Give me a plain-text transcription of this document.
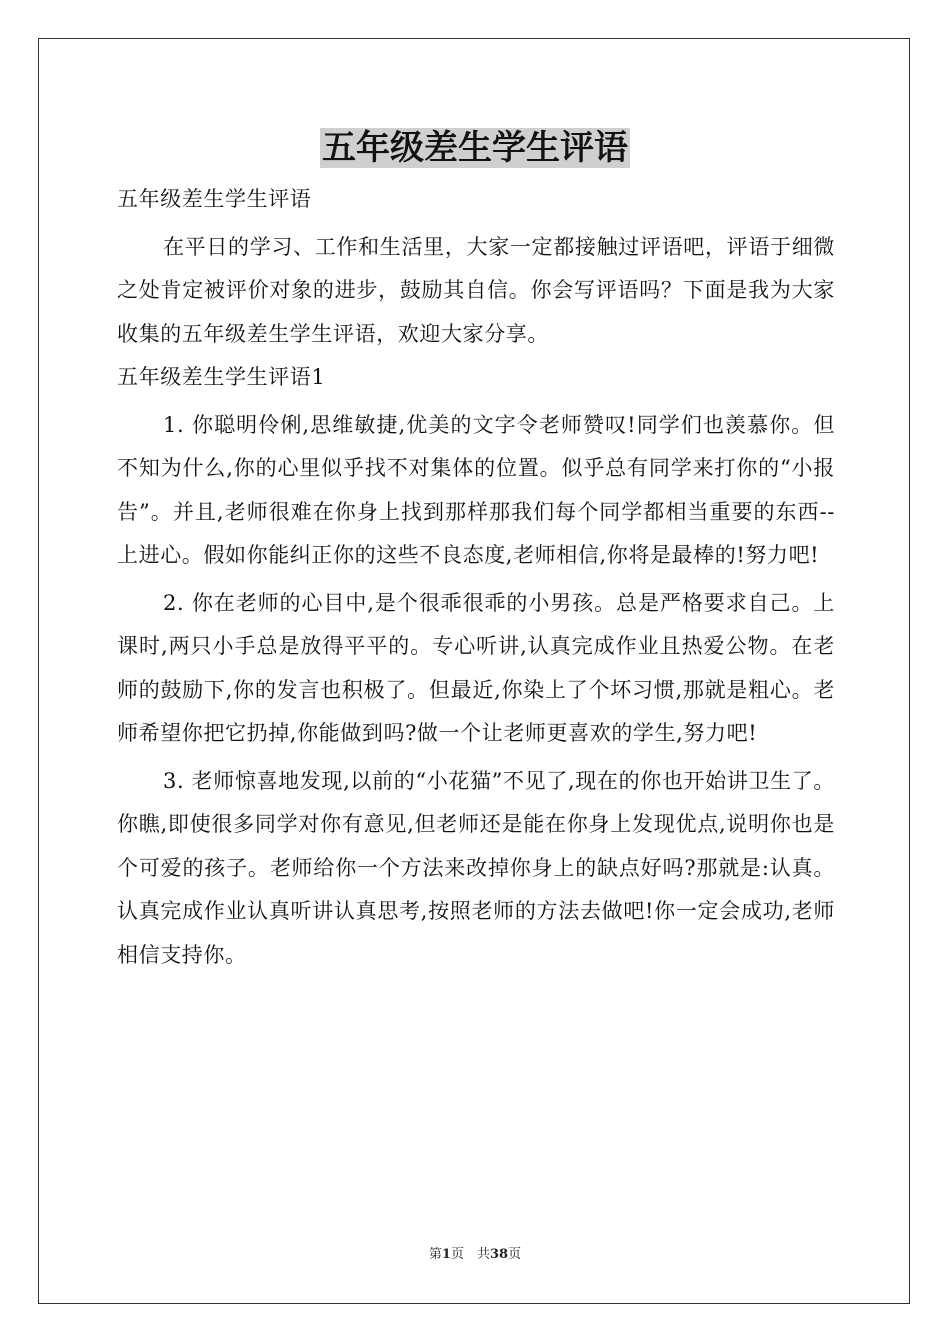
五年级差生学生评语

五年级差生学生评语

在平日的学习、工作和生活里，大家一定都接触过评语吧，评语于细微之处肯定被评价对象的进步，鼓励其自信。你会写评语吗？下面是我为大家收集的五年级差生学生评语，欢迎大家分享。

五年级差生学生评语1

1. 你聪明伶俐,思维敏捷,优美的文字令老师赞叹!同学们也羡慕你。但不知为什么,你的心里似乎找不对集体的位置。似乎总有同学来打你的“小报告”。并且,老师很难在你身上找到那样那我们每个同学都相当重要的东西--上进心。假如你能纠正你的这些不良态度,老师相信,你将是最棒的!努力吧!

2. 你在老师的心目中,是个很乖很乖的小男孩。总是严格要求自己。上课时,两只小手总是放得平平的。专心听讲,认真完成作业且热爱公物。在老师的鼓励下,你的发言也积极了。但最近,你染上了个坏习惯,那就是粗心。老师希望你把它扔掉,你能做到吗?做一个让老师更喜欢的学生,努力吧!

3. 老师惊喜地发现,以前的“小花猫”不见了,现在的你也开始讲卫生了。你瞧,即使很多同学对你有意见,但老师还是能在你身上发现优点,说明你也是个可爱的孩子。老师给你一个方法来改掉你身上的缺点好吗?那就是:认真。认真完成作业认真听讲认真思考,按照老师的方法去做吧!你一定会成功,老师相信支持你。

第1页　共38页
